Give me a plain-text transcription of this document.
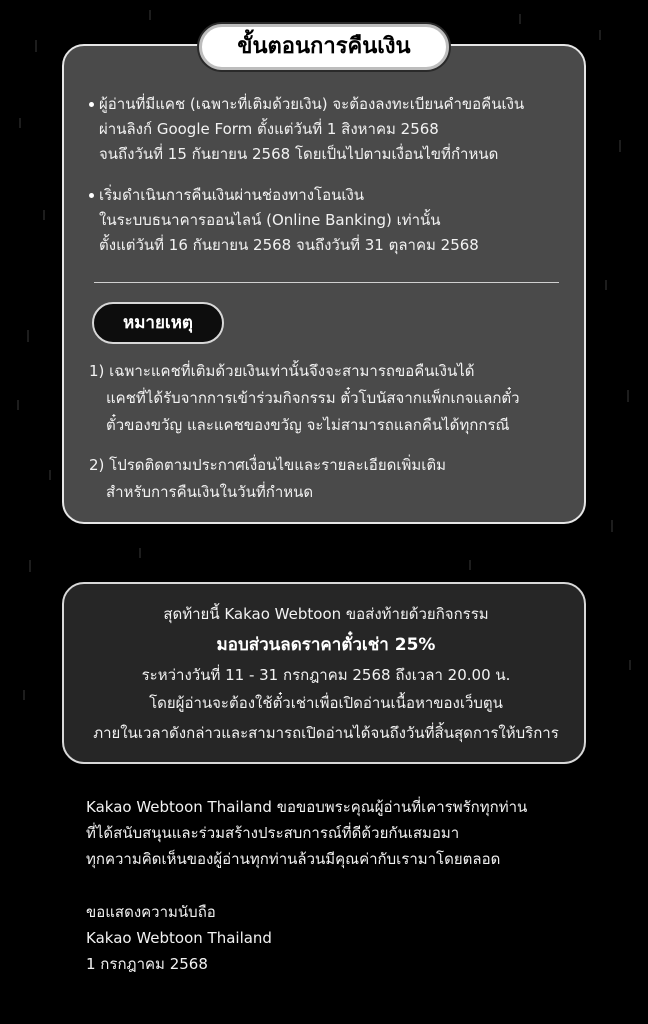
ขั้นตอนการคืนเงิน
ผู้อ่านที่มีแคช (เฉพาะที่เติมด้วยเงิน) จะต้องลงทะเบียนคำขอคืนเงิน
ผ่านลิงก์ Google Form ตั้งแต่วันที่ 1 สิงหาคม 2568
จนถึงวันที่ 15 กันยายน 2568 โดยเป็นไปตามเงื่อนไขที่กำหนด
เริ่มดำเนินการคืนเงินผ่านช่องทางโอนเงิน
ในระบบธนาคารออนไลน์ (Online Banking) เท่านั้น
ตั้งแต่วันที่ 16 กันยายน 2568 จนถึงวันที่ 31 ตุลาคม 2568
หมายเหตุ
1) เฉพาะแคชที่เติมด้วยเงินเท่านั้นจึงจะสามารถขอคืนเงินได้
แคชที่ได้รับจากการเข้าร่วมกิจกรรม ตั๋วโบนัสจากแพ็กเกจแลกตั๋ว
ตั๋วของขวัญ และแคชของขวัญ จะไม่สามารถแลกคืนได้ทุกกรณี
2) โปรดติดตามประกาศเงื่อนไขและรายละเอียดเพิ่มเติม
สำหรับการคืนเงินในวันที่กำหนด
สุดท้ายนี้ Kakao Webtoon ขอส่งท้ายด้วยกิจกรรม
มอบส่วนลดราคาตั๋วเช่า 25%
ระหว่างวันที่ 11 - 31 กรกฎาคม 2568 ถึงเวลา 20.00 น.
โดยผู้อ่านจะต้องใช้ตั๋วเช่าเพื่อเปิดอ่านเนื้อหาของเว็บตูน
ภายในเวลาดังกล่าวและสามารถเปิดอ่านได้จนถึงวันที่สิ้นสุดการให้บริการ
Kakao Webtoon Thailand ขอขอบพระคุณผู้อ่านที่เคารพรักทุกท่าน
ที่ได้สนับสนุนและร่วมสร้างประสบการณ์ที่ดีด้วยกันเสมอมา
ทุกความคิดเห็นของผู้อ่านทุกท่านล้วนมีคุณค่ากับเรามาโดยตลอด
ขอแสดงความนับถือ
Kakao Webtoon Thailand
1 กรกฎาคม 2568
